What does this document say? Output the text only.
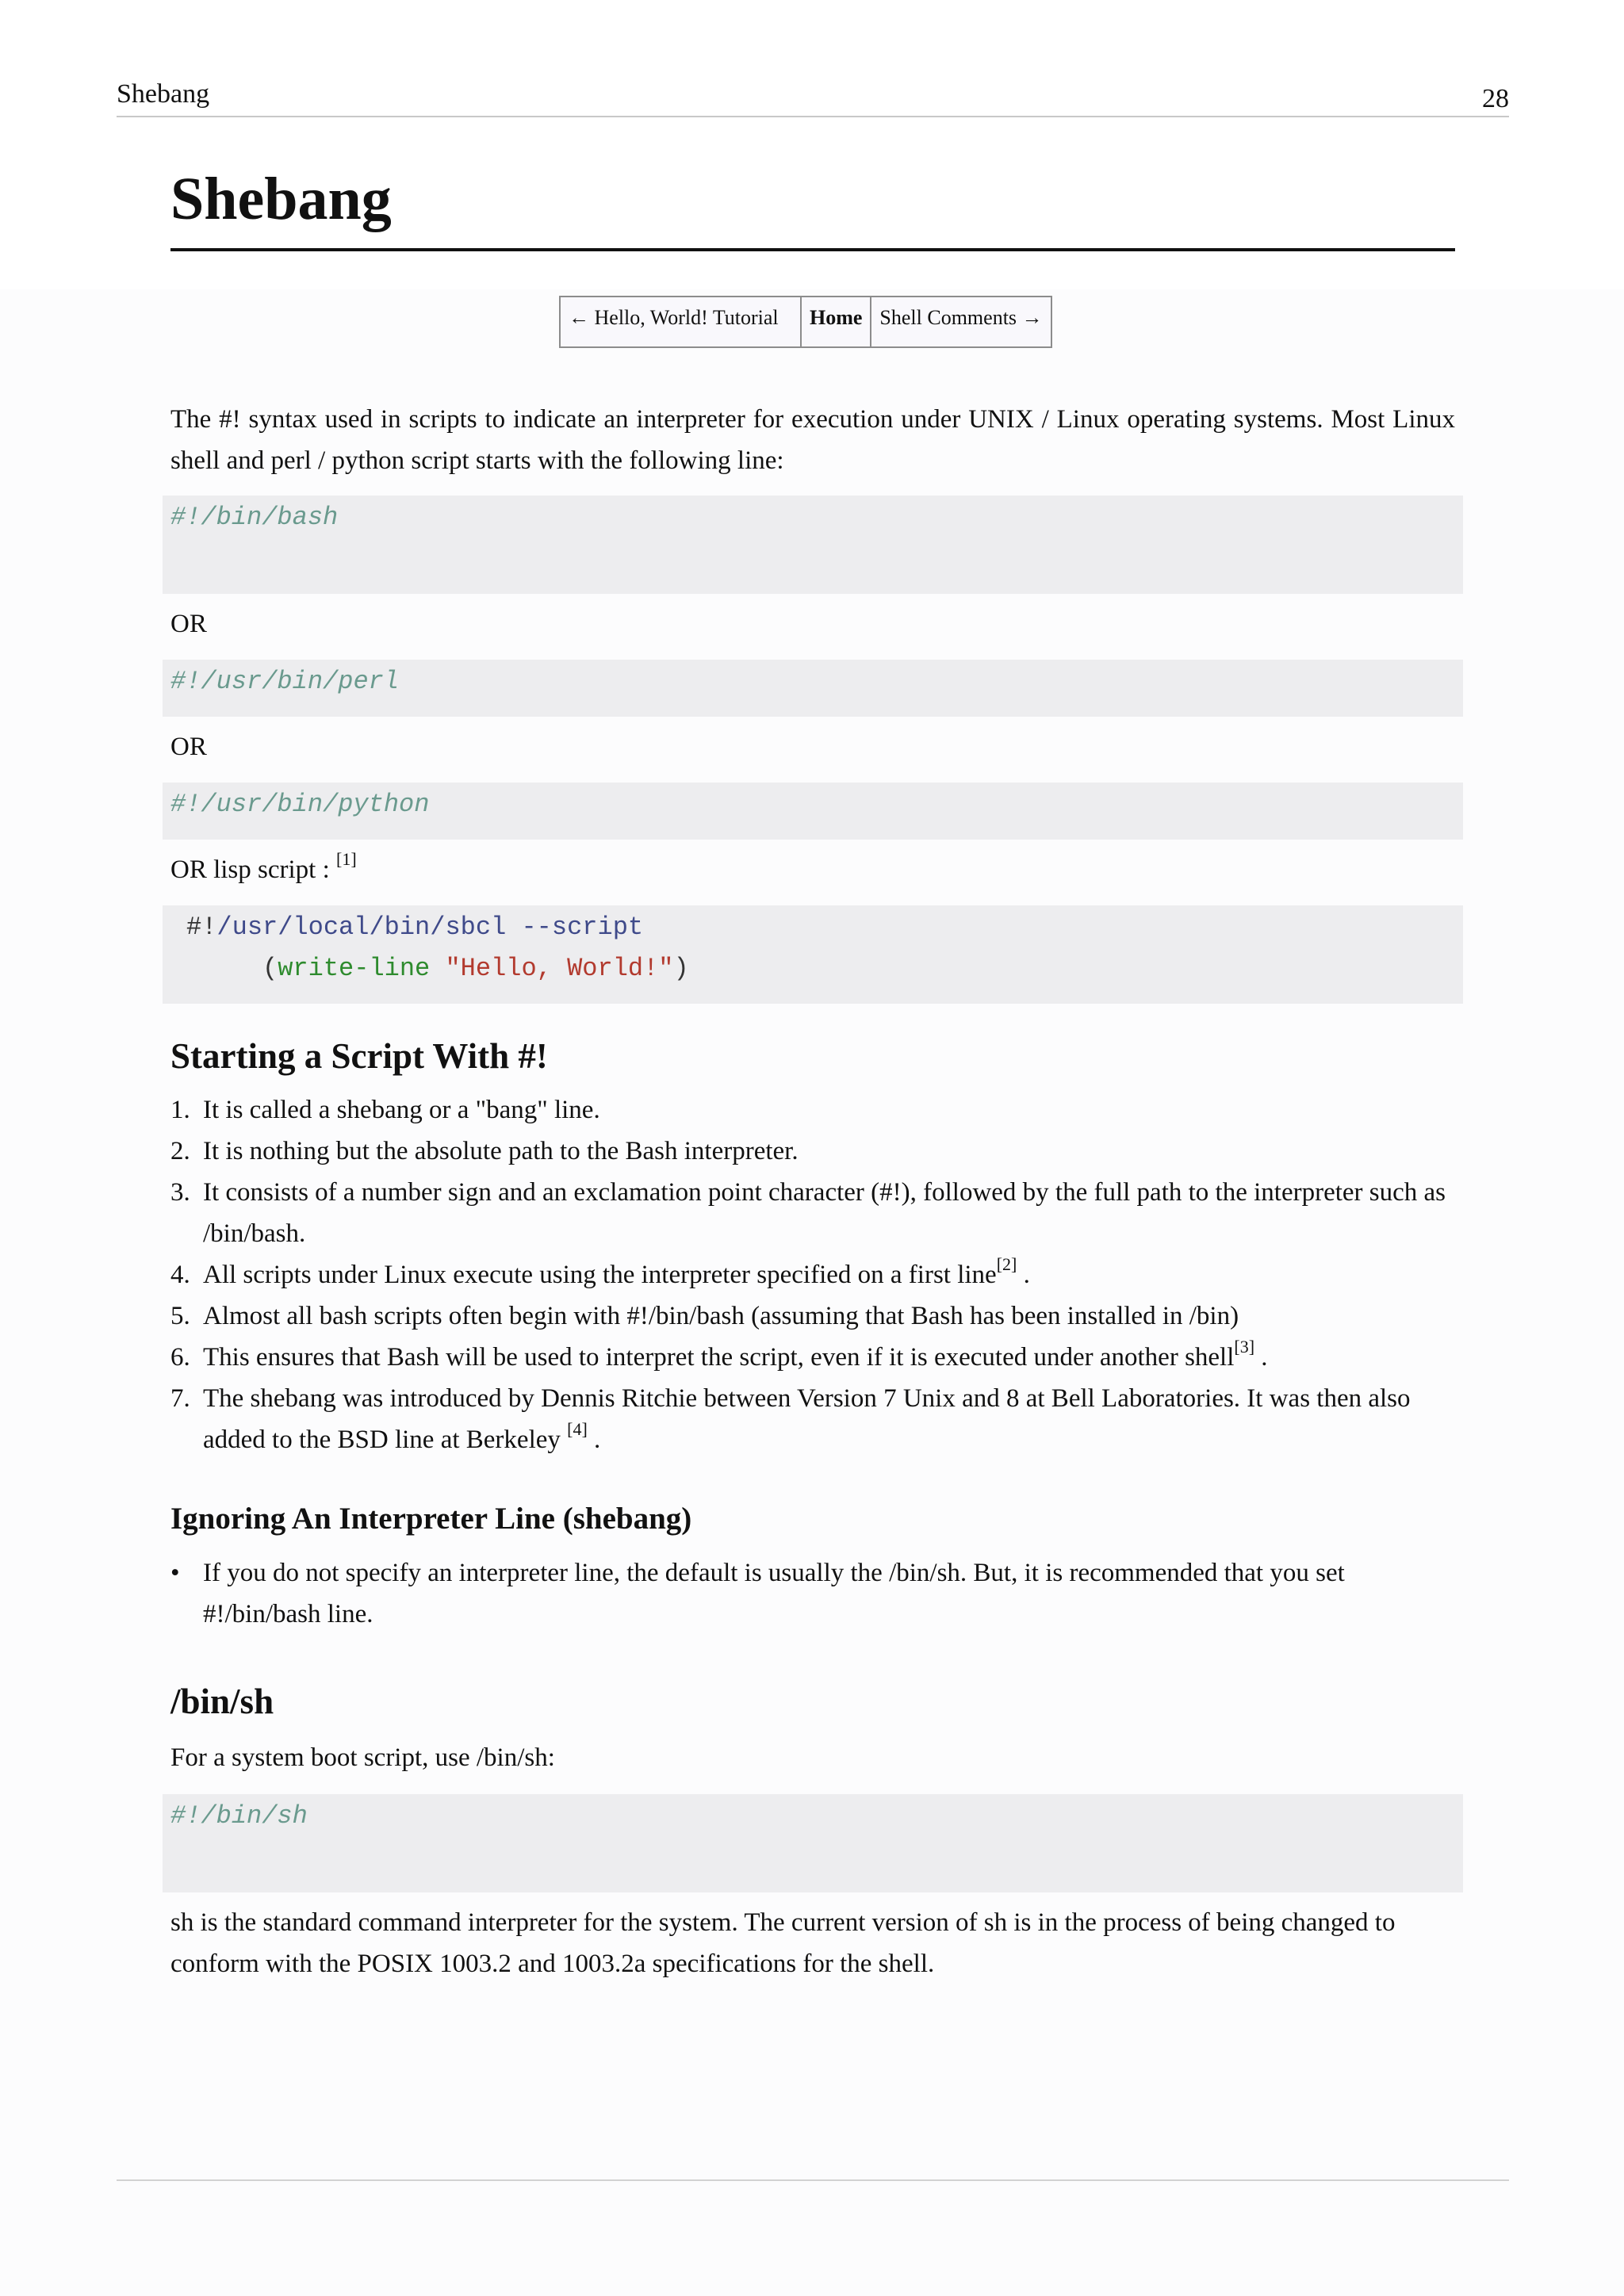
Shebang	28
Shebang
← Hello, World! Tutorial	Home	Shell Comments →

The #! syntax used in scripts to indicate an interpreter for execution under UNIX / Linux operating systems. Most Linux shell and perl / python script starts with the following line:

#!/bin/bash

OR

#!/usr/bin/perl

OR

#!/usr/bin/python

OR lisp script : [1]

#!/usr/local/bin/sbcl --script
(write-line "Hello, World!")
Starting a Script With #!
1. It is called a shebang or a "bang" line.
2. It is nothing but the absolute path to the Bash interpreter.
3. It consists of a number sign and an exclamation point character (#!), followed by the full path to the interpreter such as /bin/bash.
4. All scripts under Linux execute using the interpreter specified on a first line[2] .
5. Almost all bash scripts often begin with #!/bin/bash (assuming that Bash has been installed in /bin)
6. This ensures that Bash will be used to interpret the script, even if it is executed under another shell[3] .
7. The shebang was introduced by Dennis Ritchie between Version 7 Unix and 8 at Bell Laboratories. It was then also added to the BSD line at Berkeley [4] .
Ignoring An Interpreter Line (shebang)
• If you do not specify an interpreter line, the default is usually the /bin/sh. But, it is recommended that you set #!/bin/bash line.
/bin/sh

For a system boot script, use /bin/sh:

#!/bin/sh

sh is the standard command interpreter for the system. The current version of sh is in the process of being changed to conform with the POSIX 1003.2 and 1003.2a specifications for the shell.
